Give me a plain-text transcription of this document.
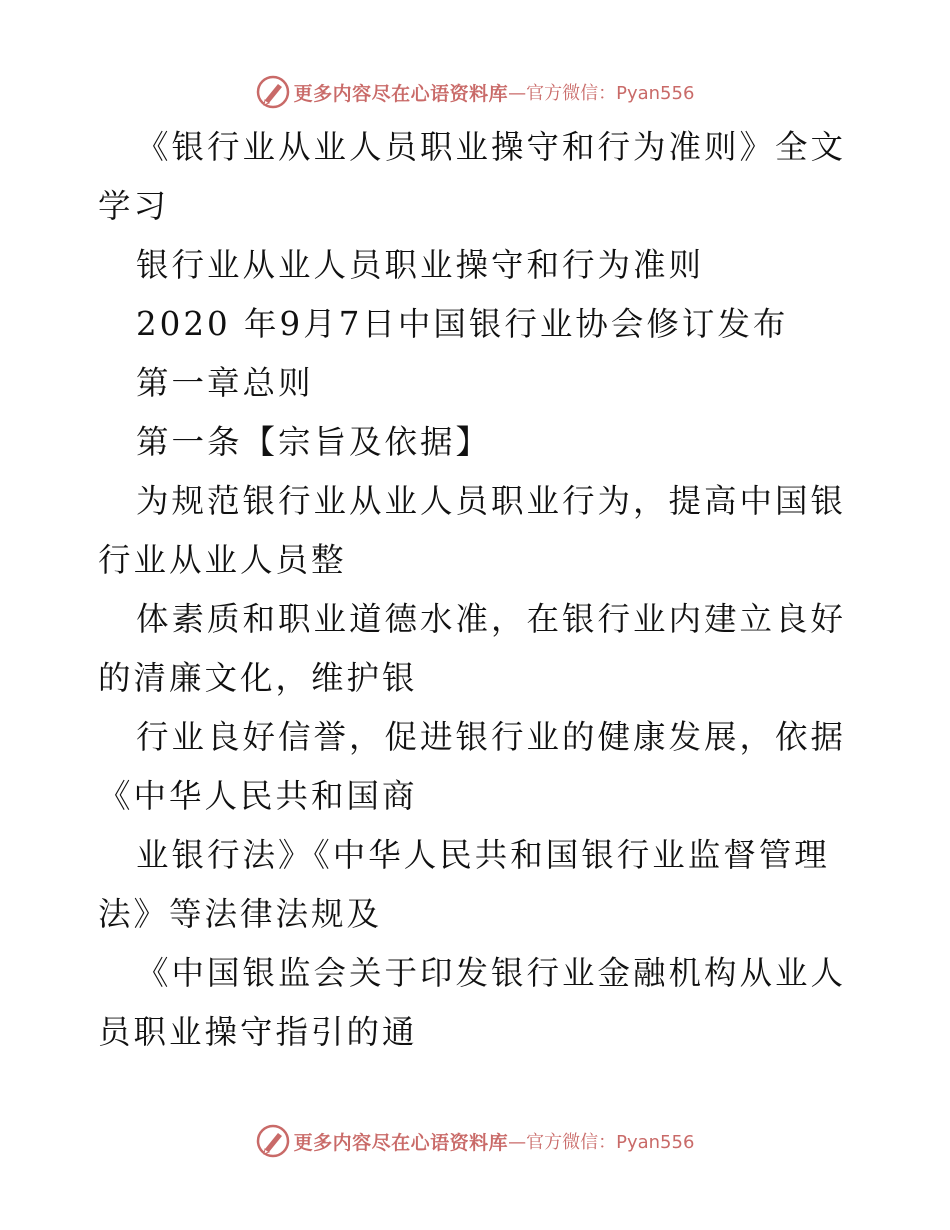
更多内容尽在心语资料库 —官方微信：Pyan556

《银行业从业人员职业操守和行为准则》全文学习

银行业从业人员职业操守和行为准则

2020 年9月7日中国银行业协会修订发布

第一章总则

第一条【宗旨及依据】

为规范银行业从业人员职业行为，提高中国银行业从业人员整

体素质和职业道德水准，在银行业内建立良好的清廉文化，维护银

行业良好信誉，促进银行业的健康发展，依据《中华人民共和国商

业银行法》《中华人民共和国银行业监督管理法》等法律法规及

《中国银监会关于印发银行业金融机构从业人员职业操守指引的通

更多内容尽在心语资料库 —官方微信：Pyan556
